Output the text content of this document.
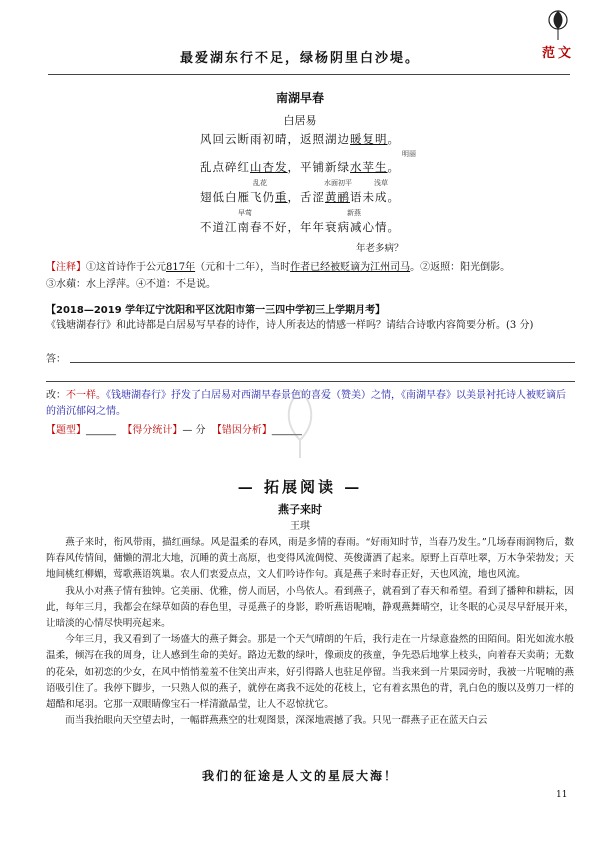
范文
最爱湖东行不足，绿杨阴里白沙堤。
南湖早春
白居易
风回云断雨初晴，返照湖边暖复明。
明丽
乱点碎红山杏发，平铺新绿水苹生。
乱花	水面初平	浅草
翅低白雁飞仍重，舌涩黄鹂语未成。
早莺	新燕
不道江南春不好，年年衰病减心情。
年老多病？
【注释】①这首诗作于公元817年（元和十二年），当时作者已经被贬谪为江州司马。②返照：阳光倒影。
③水蘋：水上浮萍。④不道：不是说。
【2018—2019 学年辽宁沈阳和平区沈阳市第一三四中学初三上学期月考】
《钱塘湖春行》和此诗都是白居易写早春的诗作，诗人所表达的情感一样吗？请结合诗歌内容简要分析。(3 分)
答：
改：不一样。《钱塘湖春行》抒发了白居易对西湖早春景色的喜爱（赞美）之情，《南湖早春》以美景衬托诗人被贬谪后的消沉郁闷之情。
【题型】______ 【得分统计】— 分 【错因分析】______
— 拓展阅读 —
燕子来时
王琪

燕子来时，衔风带雨，描红画绿。风是温柔的春风，雨是多情的春雨。“好雨知时节，当春乃发生。”几场春雨润物后，数阵春风传情间，傭懒的渭北大地，沉睡的黄土高原，也变得风流倜傥、英俊潇洒了起来。原野上百草吐翠，万木争荣勃发；天地间桃红柳媚，莺歌燕语筑巢。农人们衷爱点点，文人们吟诗作句。真是燕子来时春正好，天也风流，地也风流。

我从小对燕子情有独钟。它美丽、优雅，傍人而居，小鸟依人。看到燕子，就看到了春天和希望。看到了播种和耕耘，因此，每年三月，我都会在绿草如茵的春色里，寻觅燕子的身影，聆听燕语呢喃，静观燕舞晴空，让冬眠的心灵尽早舒展开来，让暗淡的心情尽快明亮起来。

今年三月，我又看到了一场盛大的燕子舞会。那是一个天气晴朗的午后，我行走在一片绿意盎然的田陌间。阳光如流水般温柔，倾泻在我的周身，让人感到生命的美好。路边无数的绿叶，像顽皮的孩童，争先恐后地掌上枝头，向着春天卖萌；无数的花朵，如初恋的少女，在风中悄悄羞羞不住笑出声来，好引得路人也驻足停留。当我来到一片果园旁时，我被一片呢喃的燕语吸引住了。我停下脚步，一只熟人似的燕子，就停在离我不远处的花枝上，它有着玄黑色的背，乳白色的腹以及剪刀一样的超酷和尾羽。它那一双眼睛像宝石一样清澈晶莹，让人不忍惊扰它。

而当我抬眼向天空望去时，一幅群燕燕空的壮观图景，深深地震撼了我。只见一群燕子正在蓝天白云

我们的征途是人文的星辰大海！
11
